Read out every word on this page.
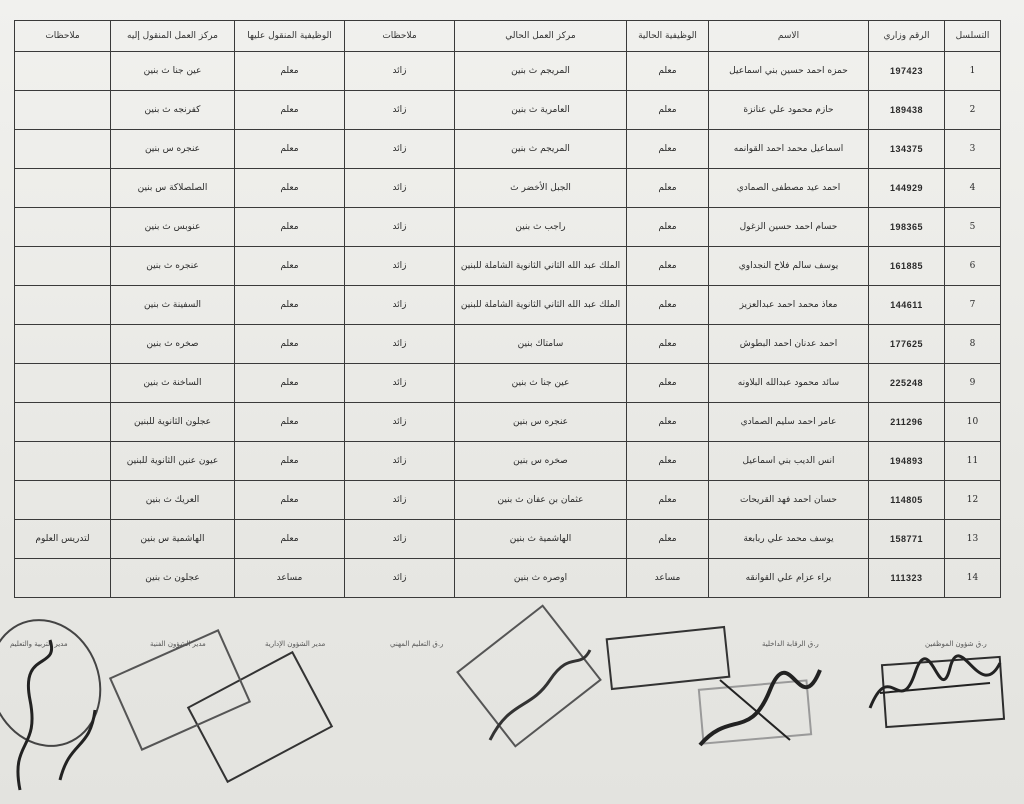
التسلسل	الرقم وزاري	الاسم	الوظيفية الحالية	مركز العمل الحالي	ملاحظات	الوظيفية المنقول عليها	مركز العمل المنقول إليه	ملاحظات
1	197423	حمزه احمد حسين بني اسماعيل	معلم	المريجم ث بنين	زائد	معلم	عين جنا ث بنين	
2	189438	حازم محمود علي عنانزة	معلم	العامرية ث بنين	زائد	معلم	كفرنجه ث بنين	
3	134375	اسماعيل محمد احمد القوانمه	معلم	المريجم ث بنين	زائد	معلم	عنجره س بنين	
4	144929	احمد عيد مصطفى الصمادي	معلم	الجبل الأخضر ث	زائد	معلم	الصلصلاكة س بنين	
5	198365	حسام احمد حسين الزغول	معلم	راجب ث بنين	زائد	معلم	عنوبس ث بنين	
6	161885	يوسف سالم فلاح النجداوي	معلم	الملك عبد الله الثاني الثانوية الشاملة للبنين	زائد	معلم	عنجره ث بنين	
7	144611	معاذ محمد احمد عبدالعزيز	معلم	الملك عبد الله الثاني الثانوية الشاملة للبنين	زائد	معلم	السفينة ث بنين	
8	177625	احمد عدنان احمد البطوش	معلم	سامتاك بنين	زائد	معلم	صخره ث بنين	
9	225248	سائد محمود عبدالله البلاونه	معلم	عين جنا ث بنين	زائد	معلم	الساخنة ث بنين	
10	211296	عامر احمد سليم الصمادي	معلم	عنجره س بنين	زائد	معلم	عجلون الثانوية للبنين	
11	194893	انس الديب بني اسماعيل	معلم	صخره س بنين	زائد	معلم	عيون عنين الثانوية للبنين	
12	114805	حسان احمد فهد القريحات	معلم	عثمان بن عفان ث بنين	زائد	معلم	العريك ث بنين	
13	158771	يوسف محمد علي ربابعة	معلم	الهاشمية ث بنين	زائد	معلم	الهاشمية س بنين	لتدريس العلوم
14	111323	براء عزام علي القوانقه	مساعد	اوصره ث بنين	زائد	مساعد	عجلون ث بنين	
ر.ق شؤون الموظفين
ر.ق الرقابة الداخلية
ر.ق التعليم المهني
مدير الشؤون الإدارية
مدير الشؤون الفنية
مدير التربية والتعليم
